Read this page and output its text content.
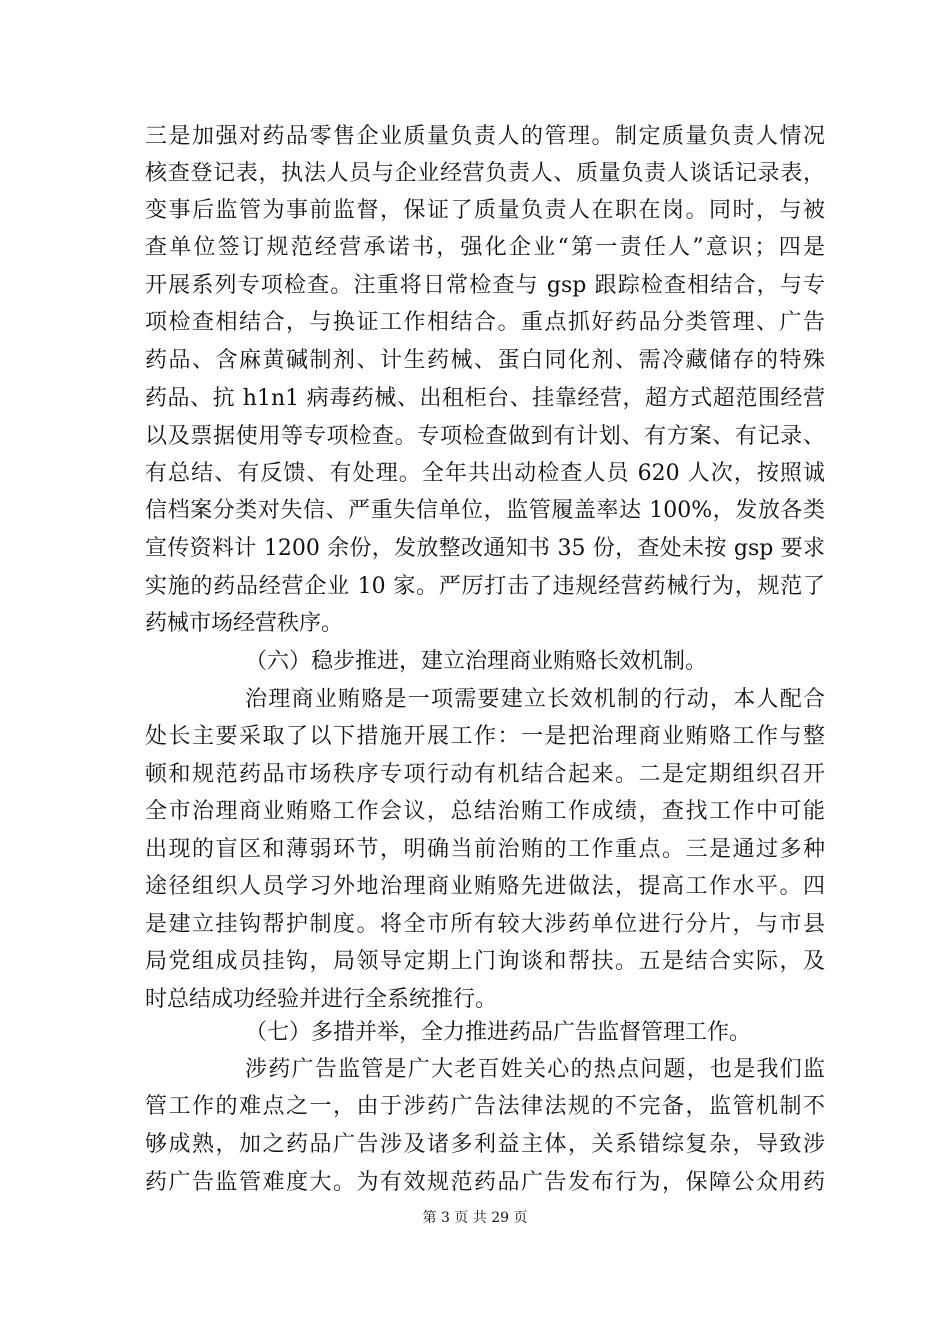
三是加强对药品零售企业质量负责人的管理。制定质量负责人情况
核查登记表，执法人员与企业经营负责人、质量负责人谈话记录表，
变事后监管为事前监督，保证了质量负责人在职在岗。同时，与被
查单位签订规范经营承诺书，强化企业“第一责任人”意识；四是
开展系列专项检查。注重将日常检查与 gsp 跟踪检查相结合，与专
项检查相结合，与换证工作相结合。重点抓好药品分类管理、广告
药品、含麻黄碱制剂、计生药械、蛋白同化剂、需冷藏储存的特殊
药品、抗 h1n1 病毒药械、出租柜台、挂靠经营，超方式超范围经营
以及票据使用等专项检查。专项检查做到有计划、有方案、有记录、
有总结、有反馈、有处理。全年共出动检查人员 620 人次，按照诚
信档案分类对失信、严重失信单位，监管履盖率达 100%，发放各类
宣传资料计 1200 余份，发放整改通知书 35 份，查处未按 gsp 要求
实施的药品经营企业 10 家。严厉打击了违规经营药械行为，规范了
药械市场经营秩序。
（六）稳步推进，建立治理商业贿赂长效机制。
治理商业贿赂是一项需要建立长效机制的行动，本人配合
处长主要采取了以下措施开展工作：一是把治理商业贿赂工作与整
顿和规范药品市场秩序专项行动有机结合起来。二是定期组织召开
全市治理商业贿赂工作会议，总结治贿工作成绩，查找工作中可能
出现的盲区和薄弱环节，明确当前治贿的工作重点。三是通过多种
途径组织人员学习外地治理商业贿赂先进做法，提高工作水平。四
是建立挂钩帮护制度。将全市所有较大涉药单位进行分片，与市县
局党组成员挂钩，局领导定期上门询谈和帮扶。五是结合实际，及
时总结成功经验并进行全系统推行。
（七）多措并举，全力推进药品广告监督管理工作。
涉药广告监管是广大老百姓关心的热点问题，也是我们监
管工作的难点之一，由于涉药广告法律法规的不完备，监管机制不
够成熟，加之药品广告涉及诸多利益主体，关系错综复杂，导致涉
第 3 页 共 29 页
药广告监管难度大。为有效规范药品广告发布行为，保障公众用药
